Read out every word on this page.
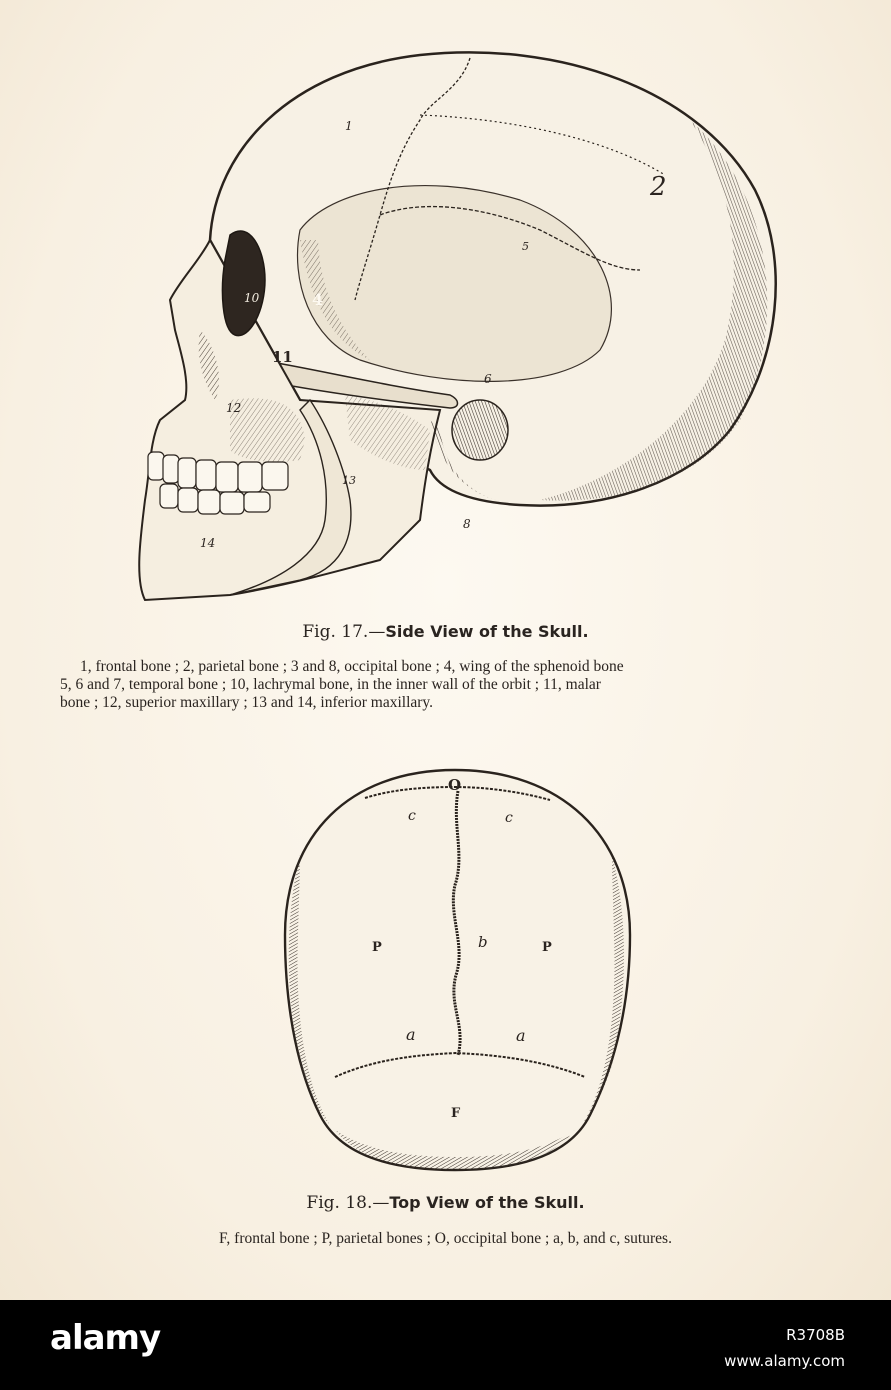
1
2
4
5
6
8
10
11
12
13
14
Fig. 17.—Side View of the Skull.
1, frontal bone ; 2, parietal bone ; 3 and 8, occipital bone ; 4, wing of the sphenoid bone
5, 6 and 7, temporal bone ; 10, lachrymal bone, in the inner wall of the orbit ; 11, malar
bone ; 12, superior maxillary ; 13 and 14, inferior maxillary.
O
c	c
P	b	P
a	a
F
Fig. 18.—Top View of the Skull.
F, frontal bone ; P, parietal bones ; O, occipital bone ; a, b, and c, sutures.
alamy	R3708B
www.alamy.com
